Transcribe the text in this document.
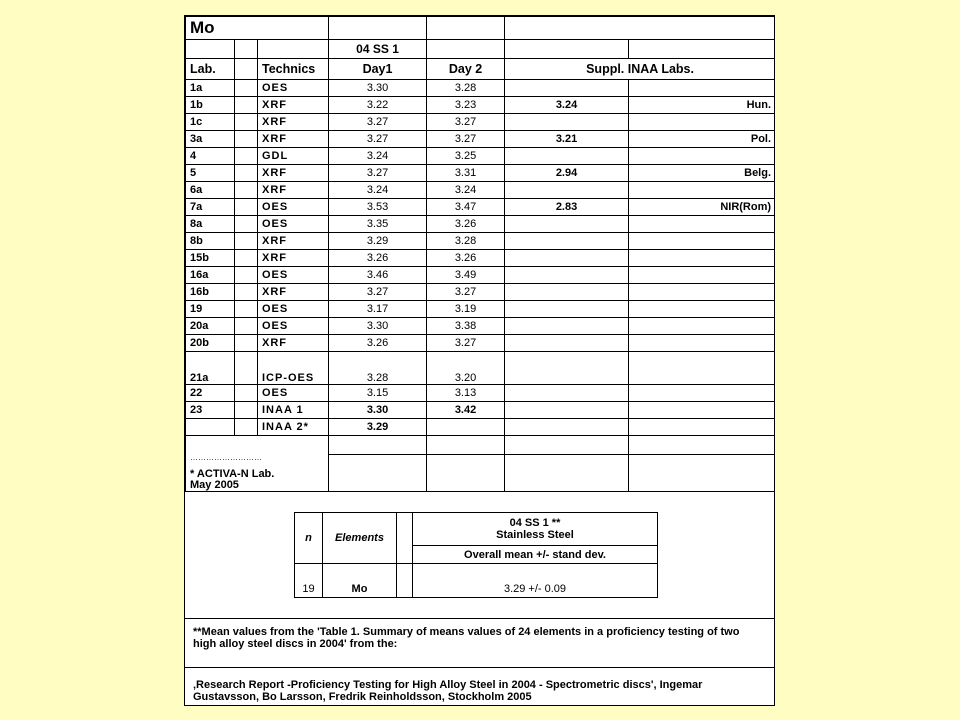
Mo						
			04 SS 1			
Lab.		Technics	Day1	Day 2	Suppl. INAA Labs.	
1a		OES	3.30	3.28		
1b		XRF	3.22	3.23	3.24	Hun.
1c		XRF	3.27	3.27		
3a		XRF	3.27	3.27	3.21	Pol.
4		GDL	3.24	3.25		
5		XRF	3.27	3.31	2.94	Belg.
6a		XRF	3.24	3.24		
7a		OES	3.53	3.47	2.83	NIR(Rom)
8a		OES	3.35	3.26		
8b		XRF	3.29	3.28		
15b		XRF	3.26	3.26		
16a		OES	3.46	3.49		
16b		XRF	3.27	3.27		
19		OES	3.17	3.19		
20a		OES	3.30	3.38		
20b		XRF	3.26	3.27		
21a		ICP-OES	3.28	3.20		
22		OES	3.15	3.13		
23		INAA 1	3.30	3.42		
		INAA 2*	3.29			

………………………
* ACTIVA-N Lab.
May 2005						

n	Elements		04 SS 1 **
Stainless Steel

			Overall mean +/- stand dev.
19	Mo		3.29 +/- 0.09
**Mean values from the 'Table 1. Summary of means values of 24 elements in a proficiency testing of two high alloy steel discs in 2004' from the:
‚Research Report -Proficiency Testing for High Alloy Steel in 2004 - Spectrometric discs', Ingemar Gustavsson, Bo Larsson, Fredrik Reinholdsson, Stockholm 2005
